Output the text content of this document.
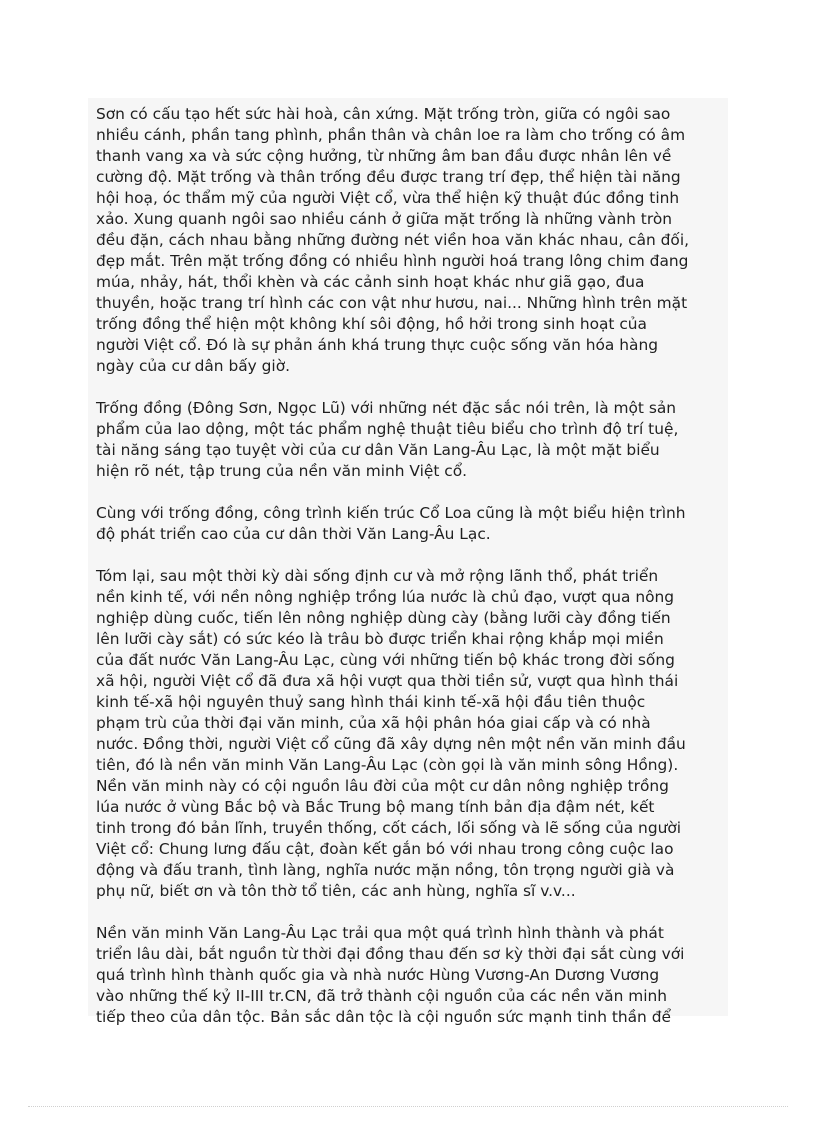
Sơn có cấu tạo hết sức hài hoà, cân xứng. Mặt trống tròn, giữa có ngôi sao
nhiều cánh, phần tang phình, phần thân và chân loe ra làm cho trống có âm
thanh vang xa và sức cộng hưởng, từ những âm ban đầu được nhân lên về
cường độ. Mặt trống và thân trống đều được trang trí đẹp, thể hiện tài năng
hội hoạ, óc thẩm mỹ của người Việt cổ, vừa thể hiện kỹ thuật đúc đồng tinh
xảo. Xung quanh ngôi sao nhiều cánh ở giữa mặt trống là những vành tròn
đều đặn, cách nhau bằng những đường nét viền hoa văn khác nhau, cân đối,
đẹp mắt. Trên mặt trống đồng có nhiều hình người hoá trang lông chim đang
múa, nhảy, hát, thổi khèn và các cảnh sinh hoạt khác như giã gạo, đua
thuyền, hoặc trang trí hình các con vật như hươu, nai... Những hình trên mặt
trống đồng thể hiện một không khí sôi động, hồ hởi trong sinh hoạt của
người Việt cổ. Đó là sự phản ánh khá trung thực cuộc sống văn hóa hàng
ngày của cư dân bấy giờ.

Trống đồng (Đông Sơn, Ngọc Lũ) với những nét đặc sắc nói trên, là một sản
phẩm của lao dộng, một tác phẩm nghệ thuật tiêu biểu cho trình độ trí tuệ,
tài năng sáng tạo tuyệt vời của cư dân Văn Lang-Âu Lạc, là một mặt biểu
hiện rõ nét, tập trung của nền văn minh Việt cổ.

Cùng với trống đồng, công trình kiến trúc Cổ Loa cũng là một biểu hiện trình
độ phát triển cao của cư dân thời Văn Lang-Âu Lạc.

Tóm lại, sau một thời kỳ dài sống định cư và mở rộng lãnh thổ, phát triển
nền kinh tế, với nền nông nghiệp trồng lúa nước là chủ đạo, vượt qua nông
nghiệp dùng cuốc, tiến lên nông nghiệp dùng cày (bằng lưỡi cày đồng tiến
lên lưỡi cày sắt) có sức kéo là trâu bò được triển khai rộng khắp mọi miền
của đất nước Văn Lang-Âu Lạc, cùng với những tiến bộ khác trong đời sống
xã hội, người Việt cổ đã đưa xã hội vượt qua thời tiền sử, vượt qua hình thái
kinh tế-xã hội nguyên thuỷ sang hình thái kinh tế-xã hội đầu tiên thuộc
phạm trù của thời đại văn minh, của xã hội phân hóa giai cấp và có nhà
nước. Đồng thời, người Việt cổ cũng đã xây dựng nên một nền văn minh đầu
tiên, đó là nền văn minh Văn Lang-Âu Lạc (còn gọi là văn minh sông Hồng).
Nền văn minh này có cội nguồn lâu đời của một cư dân nông nghiệp trồng
lúa nước ở vùng Bắc bộ và Bắc Trung bộ mang tính bản địa đậm nét, kết
tinh trong đó bản lĩnh, truyền thống, cốt cách, lối sống và lẽ sống của người
Việt cổ: Chung lưng đấu cật, đoàn kết gắn bó với nhau trong công cuộc lao
động và đấu tranh, tình làng, nghĩa nước mặn nồng, tôn trọng người già và
phụ nữ, biết ơn và tôn thờ tổ tiên, các anh hùng, nghĩa sĩ v.v...

Nền văn minh Văn Lang-Âu Lạc trải qua một quá trình hình thành và phát
triển lâu dài, bắt nguồn từ thời đại đồng thau đến sơ kỳ thời đại sắt cùng với
quá trình hình thành quốc gia và nhà nước Hùng Vương-An Dương Vương
vào những thế kỷ II-III tr.CN, đã trở thành cội nguồn của các nền văn minh
tiếp theo của dân tộc. Bản sắc dân tộc là cội nguồn sức mạnh tinh thần để
